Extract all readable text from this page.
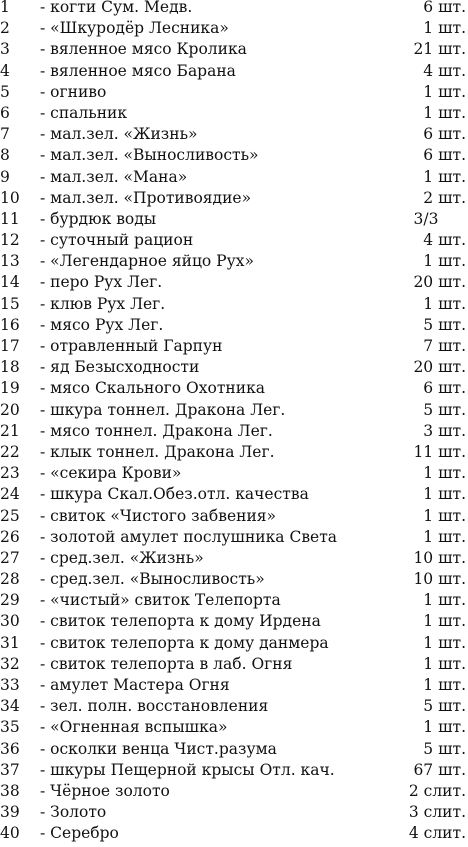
1 - когти Сум. Медв.	6 шт.
2 - «Шкуродёр Лесника»	1 шт.
3 - вяленное мясо Кролика	21 шт.
4 - вяленное мясо Барана	4 шт.
5 - огниво	1 шт.
6 - спальник	1 шт.
7 - мал.зел. «Жизнь»	6 шт.
8 - мал.зел. «Выносливость»	6 шт.
9 - мал.зел. «Мана»	1 шт.
10 - мал.зел. «Противоядие»	2 шт.
11 - бурдюк воды	3/3
12 - суточный рацион	4 шт.
13 - «Легендарное яйцо Рух»	1 шт.
14 - перо Рух Лег.	20 шт.
15 - клюв Рух Лег.	1 шт.
16 - мясо Рух Лег.	5 шт.
17 - отравленный Гарпун	7 шт.
18 - яд Безысходности	20 шт.
19 - мясо Скального Охотника	6 шт.
20 - шкура тоннел. Дракона Лег.	5 шт.
21 - мясо тоннел. Дракона Лег.	3 шт.
22 - клык тоннел. Дракона Лег.	11 шт.
23 - «секира Крови»	1 шт.
24 - шкура Скал.Обез.отл. качества	1 шт.
25 - свиток «Чистого забвения»	1 шт.
26 - золотой амулет послушника Света	1 шт.
27 - сред.зел. «Жизнь»	10 шт.
28 - сред.зел. «Выносливость»	10 шт.
29 - «чистый» свиток Телепорта	1 шт.
30 - свиток телепорта к дому Ирдена	1 шт.
31 - свиток телепорта к дому данмера	1 шт.
32 - свиток телепорта в лаб. Огня	1 шт.
33 - амулет Мастера Огня	1 шт.
34 - зел. полн. восстановления	5 шт.
35 - «Огненная вспышка»	1 шт.
36 - осколки венца Чист.разума	5 шт.
37 - шкуры Пещерной крысы Отл. кач.	67 шт.
38 - Чёрное золото	2 слит.
39 - Золото	3 слит.
40 - Серебро	4 слит.
